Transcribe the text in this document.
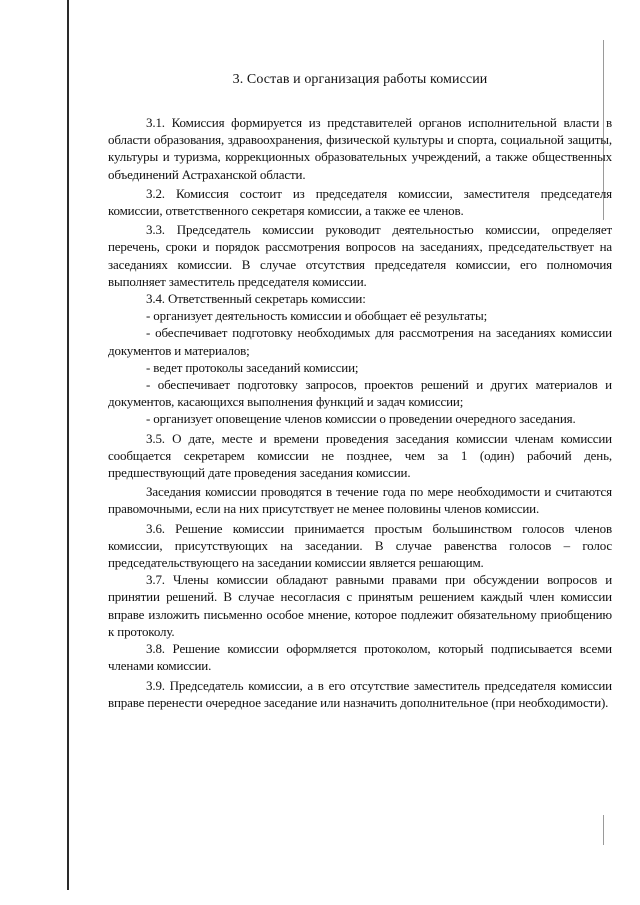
3. Состав и организация работы комиссии

3.1. Комиссия формируется из представителей органов исполнительной власти в области образования, здравоохранения, физической культуры и спорта, социальной защиты, культуры и туризма, коррекционных образовательных учреждений, а также общественных объединений Астраханской области.

3.2. Комиссия состоит из председателя комиссии, заместителя председателя комиссии, ответственного секретаря комиссии, а также ее членов.

3.3. Председатель комиссии руководит деятельностью комиссии, определяет перечень, сроки и порядок рассмотрения вопросов на заседаниях, председательствует на заседаниях комиссии. В случае отсутствия председателя комиссии, его полномочия выполняет заместитель председателя комиссии.

3.4. Ответственный секретарь комиссии:

- организует деятельность комиссии и обобщает её результаты;

- обеспечивает подготовку необходимых для рассмотрения на заседаниях комиссии документов и материалов;

- ведет протоколы заседаний комиссии;

- обеспечивает подготовку запросов, проектов решений и других материалов и документов, касающихся выполнения функций и задач комиссии;

- организует оповещение членов комиссии о проведении очередного заседания.

3.5. О дате, месте и времени проведения заседания комиссии членам комиссии сообщается секретарем комиссии не позднее, чем за 1 (один) рабочий день, предшествующий дате проведения заседания комиссии.

Заседания комиссии проводятся в течение года по мере необходимости и считаются правомочными, если на них присутствует не менее половины членов комиссии.

3.6. Решение комиссии принимается простым большинством голосов членов комиссии, присутствующих на заседании. В случае равенства голосов – голос председательствующего на заседании комиссии является решающим.

3.7. Члены комиссии обладают равными правами при обсуждении вопросов и принятии решений. В случае несогласия с принятым решением каждый член комиссии вправе изложить письменно особое мнение, которое подлежит обязательному приобщению к протоколу.

3.8. Решение комиссии оформляется протоколом, который подписывается всеми членами комиссии.

3.9. Председатель комиссии, а в его отсутствие заместитель председателя комиссии вправе перенести очередное заседание или назначить дополнительное (при необходимости).
